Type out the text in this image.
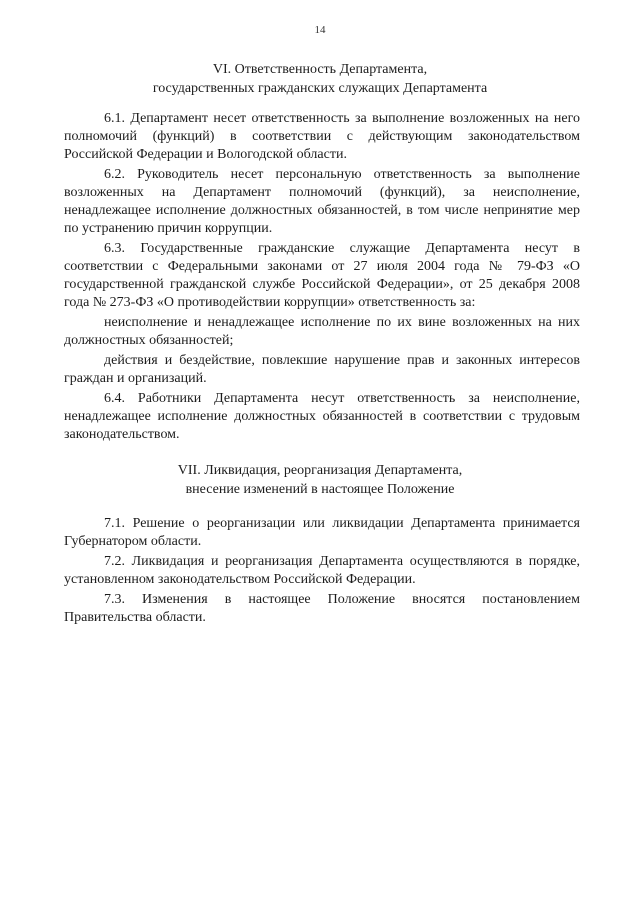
14
VI. Ответственность Департамента,
государственных гражданских служащих Департамента

6.1. Департамент несет ответственность за выполнение возложенных на него полномочий (функций) в соответствии с действующим законодательством Российской Федерации и Вологодской области.

6.2. Руководитель несет персональную ответственность за выполнение возложенных на Департамент полномочий (функций), за неисполнение, ненадлежащее исполнение должностных обязанностей, в том числе непринятие мер по устранению причин коррупции.

6.3. Государственные гражданские служащие Департамента несут в соответствии с Федеральными законами от 27 июля 2004 года № 79-ФЗ «О государственной гражданской службе Российской Федерации», от 25 декабря 2008 года № 273-ФЗ «О противодействии коррупции» ответственность за:

неисполнение и ненадлежащее исполнение по их вине возложенных на них должностных обязанностей;

действия и бездействие, повлекшие нарушение прав и законных интересов граждан и организаций.

6.4. Работники Департамента несут ответственность за неисполнение, ненадлежащее исполнение должностных обязанностей в соответствии с трудовым законодательством.

VII. Ликвидация, реорганизация Департамента,
внесение изменений в настоящее Положение

7.1. Решение о реорганизации или ликвидации Департамента принимается Губернатором области.

7.2. Ликвидация и реорганизация Департамента осуществляются в порядке, установленном законодательством Российской Федерации.

7.3. Изменения в настоящее Положение вносятся постановлением Правительства области.
